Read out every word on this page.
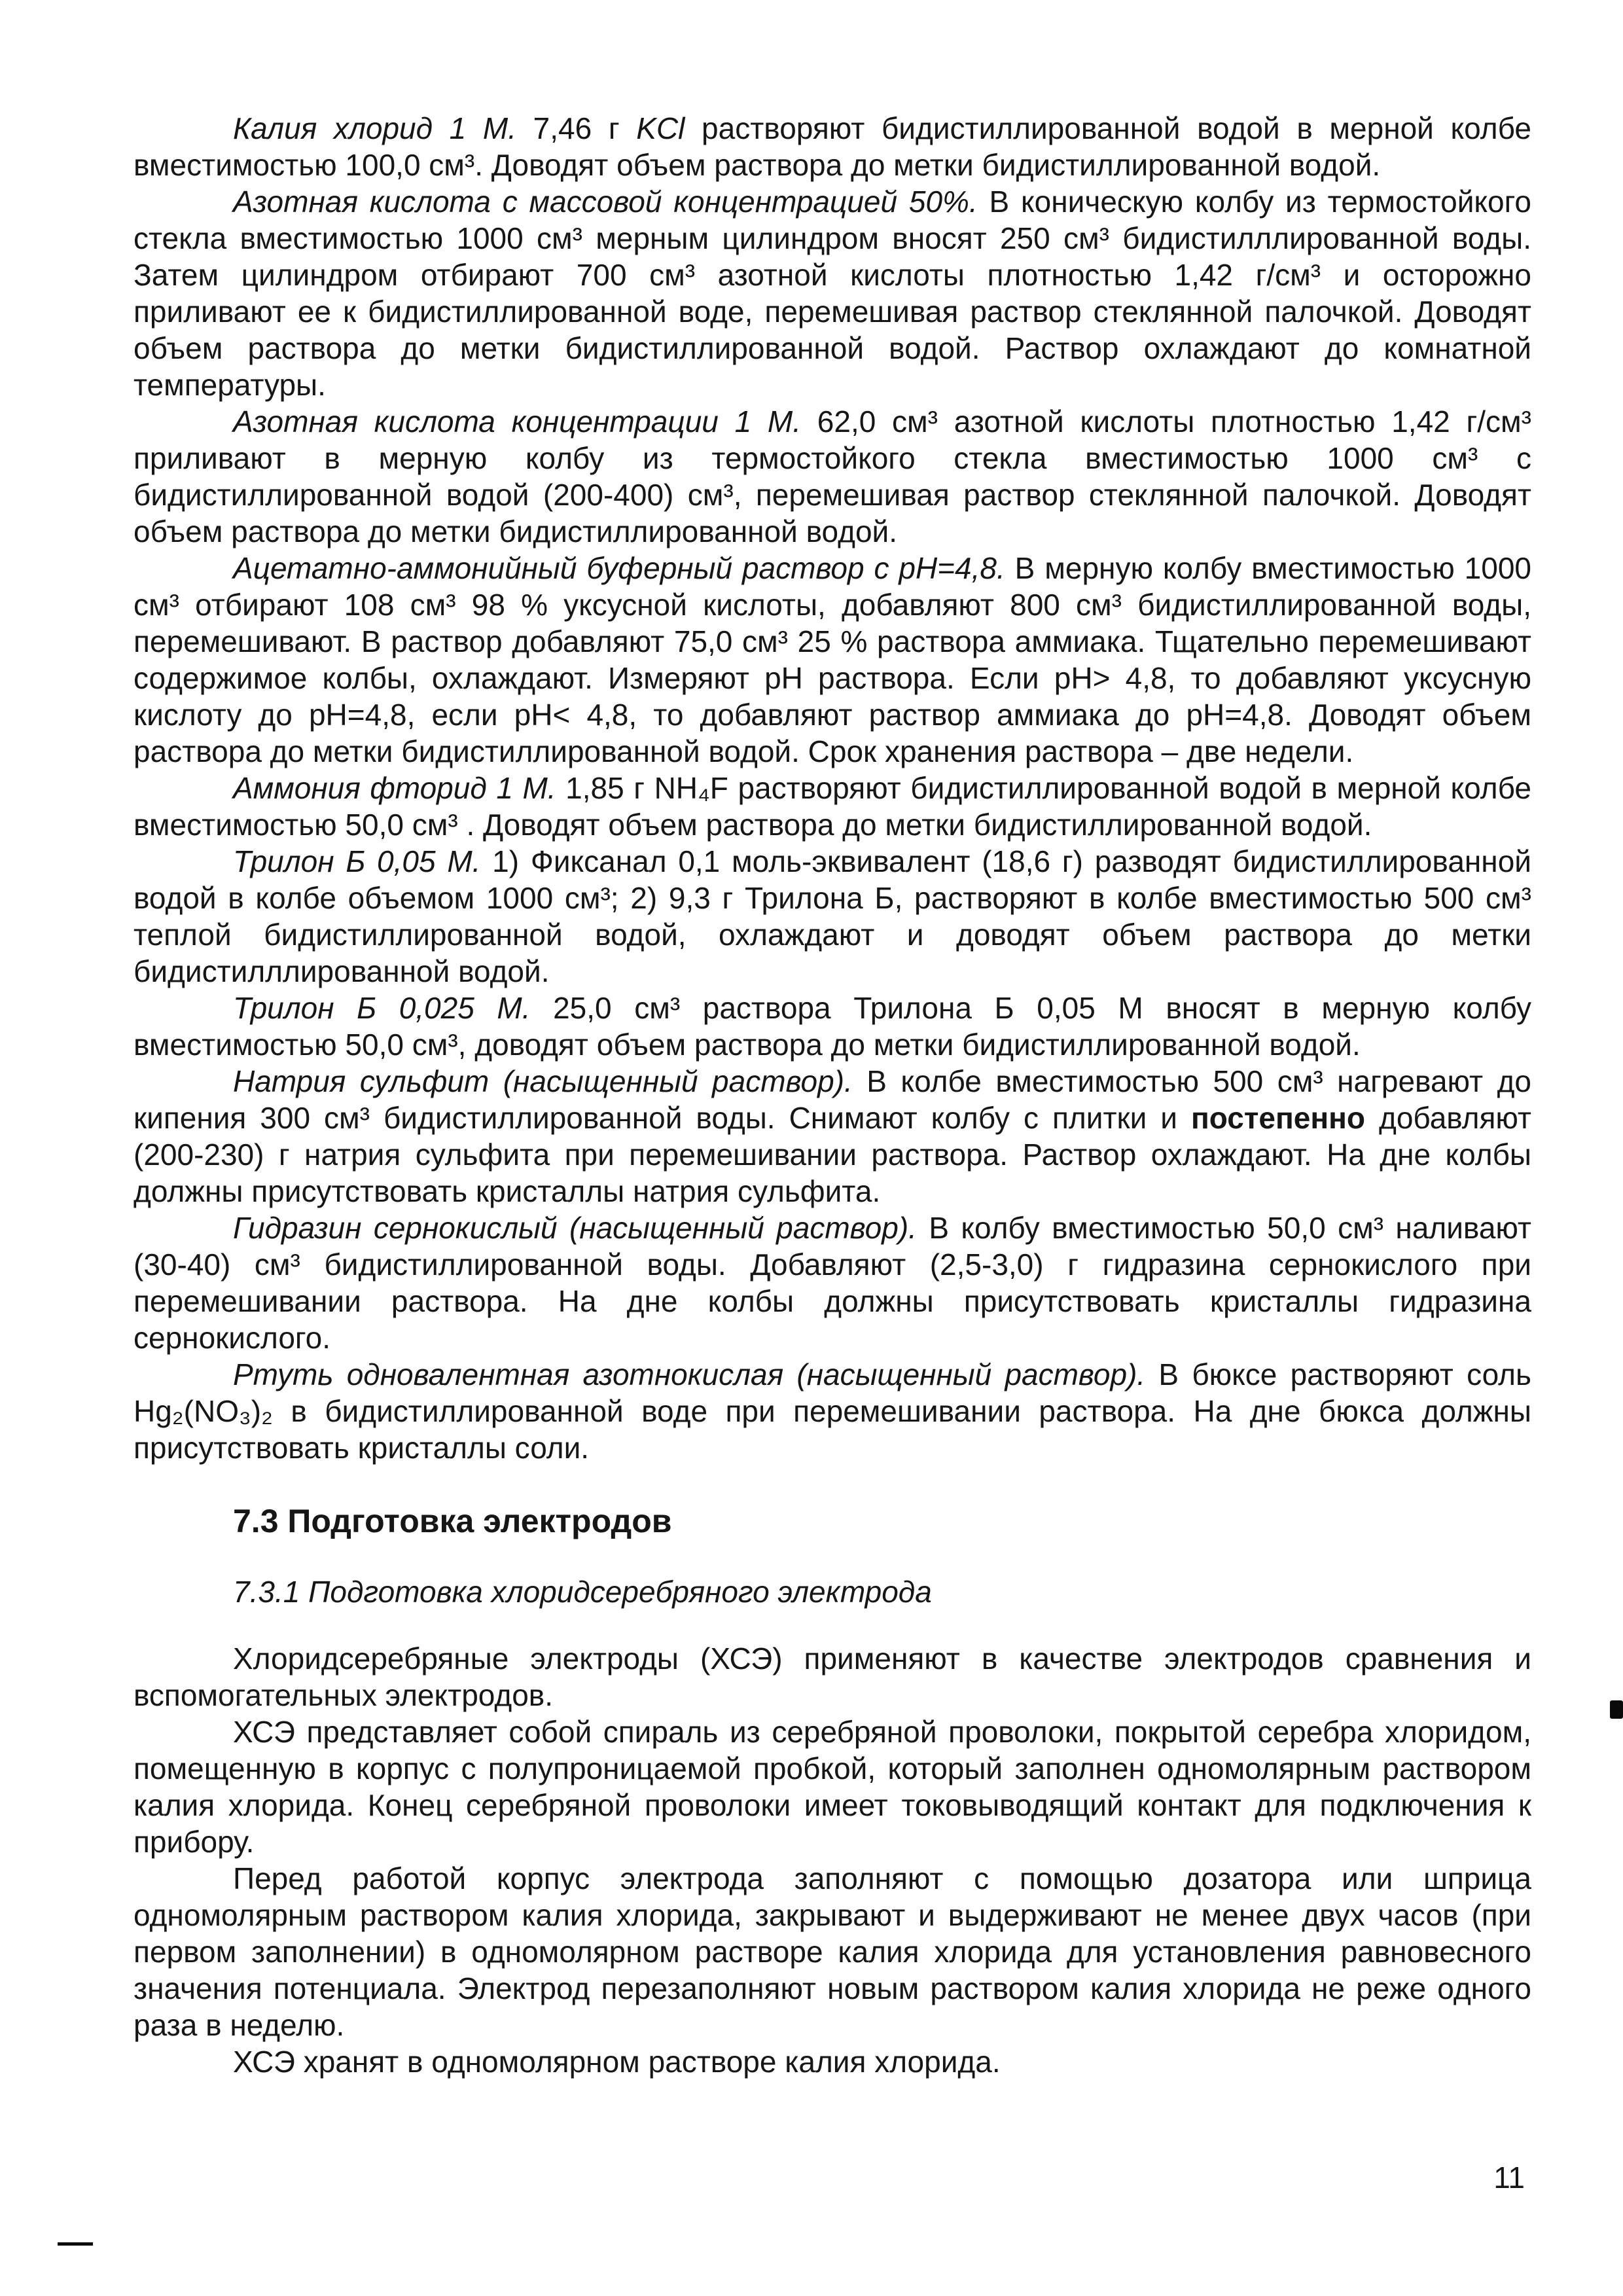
Калия хлорид 1 М. 7,46 г KCl растворяют бидистиллированной водой в мерной колбе вместимостью 100,0 см³. Доводят объем раствора до метки бидистиллированной водой.

Азотная кислота с массовой концентрацией 50%. В коническую колбу из термостойкого стекла вместимостью 1000 см³ мерным цилиндром вносят 250 см³ бидистилллированной воды. Затем цилиндром отбирают 700 см³ азотной кислоты плотностью 1,42 г/см³ и осторожно приливают ее к бидистиллированной воде, перемешивая раствор стеклянной палочкой. Доводят объем раствора до метки бидистиллированной водой. Раствор охлаждают до комнатной температуры.

Азотная кислота концентрации 1 М. 62,0 см³ азотной кислоты плотностью 1,42 г/см³ приливают в мерную колбу из термостойкого стекла вместимостью 1000 см³ с бидистиллированной водой (200-400) см³, перемешивая раствор стеклянной палочкой. Доводят объем раствора до метки бидистиллированной водой.

Ацетатно-аммонийный буферный раствор с рН=4,8. В мерную колбу вместимостью 1000 см³ отбирают 108 см³ 98 % уксусной кислоты, добавляют 800 см³ бидистиллированной воды, перемешивают. В раствор добавляют 75,0 см³ 25 % раствора аммиака. Тщательно перемешивают содержимое колбы, охлаждают. Измеряют рН раствора. Если рН> 4,8, то добавляют уксусную кислоту до рН=4,8, если рН< 4,8, то добавляют раствор аммиака до рН=4,8. Доводят объем раствора до метки бидистиллированной водой. Срок хранения раствора – две недели.

Аммония фторид 1 М. 1,85 г NH₄F растворяют бидистиллированной водой в мерной колбе вместимостью 50,0 см³ . Доводят объем раствора до метки бидистиллированной водой.

Трилон Б 0,05 М. 1) Фиксанал 0,1 моль-эквивалент (18,6 г) разводят бидистиллированной водой в колбе объемом 1000 см³; 2) 9,3 г Трилона Б, растворяют в колбе вместимостью 500 см³ теплой бидистиллированной водой, охлаждают и доводят объем раствора до метки бидистилллированной водой.

Трилон Б 0,025 М. 25,0 см³ раствора Трилона Б 0,05 М вносят в мерную колбу вместимостью 50,0 см³, доводят объем раствора до метки бидистиллированной водой.

Натрия сульфит (насыщенный раствор). В колбе вместимостью 500 см³ нагревают до кипения 300 см³ бидистиллированной воды. Снимают колбу с плитки и постепенно добавляют (200-230) г натрия сульфита при перемешивании раствора. Раствор охлаждают. На дне колбы должны присутствовать кристаллы натрия сульфита.

Гидразин сернокислый (насыщенный раствор). В колбу вместимостью 50,0 см³ наливают (30-40) см³ бидистиллированной воды. Добавляют (2,5-3,0) г гидразина сернокислого при перемешивании раствора. На дне колбы должны присутствовать кристаллы гидразина сернокислого.

Ртуть одновалентная азотнокислая (насыщенный раствор). В бюксе растворяют соль Hg₂(NO₃)₂ в бидистиллированной воде при перемешивании раствора. На дне бюкса должны присутствовать кристаллы соли.

7.3 Подготовка электродов
7.3.1 Подготовка хлоридсеребряного электрода

Хлоридсеребряные электроды (ХСЭ) применяют в качестве электродов сравнения и вспомогательных электродов.

ХСЭ представляет собой спираль из серебряной проволоки, покрытой серебра хлоридом, помещенную в корпус с полупроницаемой пробкой, который заполнен одномолярным раствором калия хлорида. Конец серебряной проволоки имеет токовыводящий контакт для подключения к прибору.

Перед работой корпус электрода заполняют с помощью дозатора или шприца одномолярным раствором калия хлорида, закрывают и выдерживают не менее двух часов (при первом заполнении) в одномолярном растворе калия хлорида для установления равновесного значения потенциала. Электрод перезаполняют новым раствором калия хлорида не реже одного раза в неделю.

ХСЭ хранят в одномолярном растворе калия хлорида.

11
